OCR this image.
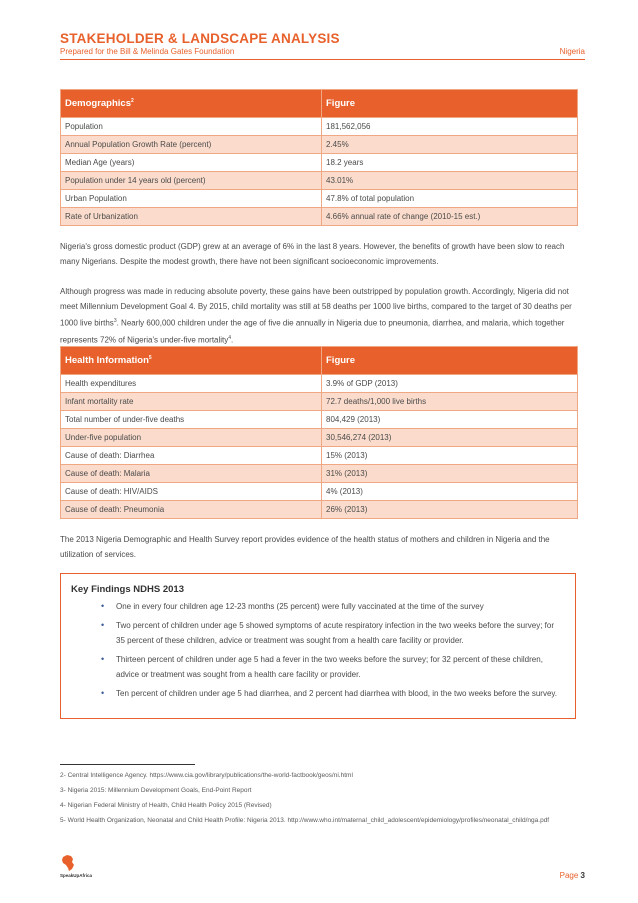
STAKEHOLDER & LANDSCAPE ANALYSIS
Prepared for the Bill & Melinda Gates Foundation	Nigeria
Demographics$^2$	Figure
Population	181,562,056
Annual Population Growth Rate (percent)	2.45%
Median Age (years)	18.2 years
Population under 14 years old (percent)	43.01%
Urban Population	47.8% of total population
Rate of Urbanization	4.66% annual rate of change (2010-15 est.)

Nigeria's gross domestic product (GDP) grew at an average of 6% in the last 8 years. However, the benefits of growth have been slow to reach many Nigerians. Despite the modest growth, there have not been significant socioeconomic improvements.

Although progress was made in reducing absolute poverty, these gains have been outstripped by population growth. Accordingly, Nigeria did not meet Millennium Development Goal 4. By 2015, child mortality was still at 58 deaths per 1000 live births, compared to the target of 30 deaths per 1000 live births$^3$. Nearly 600,000 children under the age of five die annually in Nigeria due to pneumonia, diarrhea, and malaria, which together represents 72% of Nigeria's under-five mortality$^4$.

Health Information$^5$	Figure
Health expenditures	3.9% of GDP (2013)
Infant mortality rate	72.7 deaths/1,000 live births
Total number of under-five deaths	804,429 (2013)
Under-five population	30,546,274 (2013)
Cause of death: Diarrhea	15% (2013)
Cause of death: Malaria	31% (2013)
Cause of death: HIV/AIDS	4% (2013)
Cause of death: Pneumonia	26% (2013)

The 2013 Nigeria Demographic and Health Survey report provides evidence of the health status of mothers and children in Nigeria and the utilization of services.

Key Findings NDHS 2013
• One in every four children age 12-23 months (25 percent) were fully vaccinated at the time of the survey
• Two percent of children under age 5 showed symptoms of acute respiratory infection in the two weeks before the survey; for 35 percent of these children, advice or treatment was sought from a health care facility or provider.
• Thirteen percent of children under age 5 had a fever in the two weeks before the survey; for 32 percent of these children, advice or treatment was sought from a health care facility or provider.
• Ten percent of children under age 5 had diarrhea, and 2 percent had diarrhea with blood, in the two weeks before the survey.
2- Central Intelligence Agency. https://www.cia.gov/library/publications/the-world-factbook/geos/ni.html
3- Nigeria 2015: Millennium Development Goals, End-Point Report
4- Nigerian Federal Ministry of Health, Child Health Policy 2015 (Revised)
5- World Health Organization, Neonatal and Child Health Profile: Nigeria 2013. http://www.who.int/maternal_child_adolescent/epidemiology/profiles/neonatal_child/nga.pdf
SpeakUpAfrica	Page 3
